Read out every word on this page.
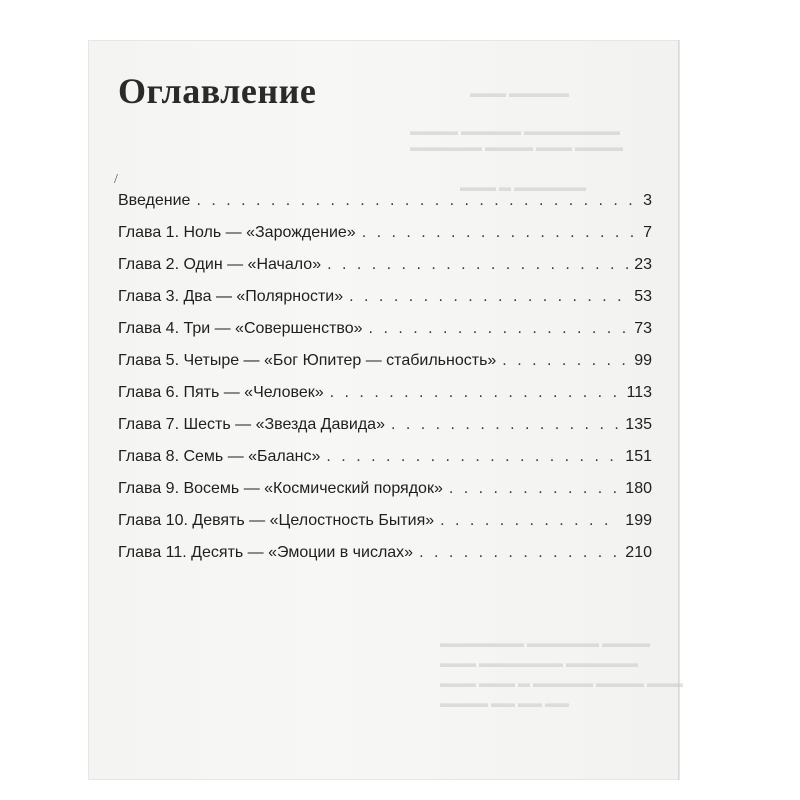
▬▬▬ ▬▬▬▬▬
▬▬▬▬ ▬▬▬▬▬ ▬▬▬▬▬▬▬▬
▬▬▬▬▬▬ ▬▬▬▬ ▬▬▬ ▬▬▬▬
▬▬▬ ▬ ▬▬▬▬▬▬
▬▬▬▬▬▬▬ ▬▬▬▬▬▬ ▬▬▬▬
▬▬▬ ▬▬▬▬▬▬▬ ▬▬▬▬▬▬
▬▬▬ ▬▬▬ ▬ ▬▬▬▬▬ ▬▬▬▬ ▬▬▬
▬▬▬▬ ▬▬ ▬▬ ▬▬
Оглавление
/
Введение . . .	3
Глава 1. Ноль — «Зарождение» . . .	7
Глава 2. Один — «Начало» . . .	23
Глава 3. Два — «Полярности» . . .	53
Глава 4. Три — «Совершенство» . . .	73
Глава 5. Четыре — «Бог Юпитер — стабильность» . . .	99
Глава 6. Пять — «Человек» . . .	113
Глава 7. Шесть — «Звезда Давида» . . .	135
Глава 8. Семь — «Баланс» . . .	151
Глава 9. Восемь — «Космический порядок» . . .	180
Глава 10. Девять — «Целостность Бытия» . . .	199
Глава 11. Десять — «Эмоции в числах» . . .	210
